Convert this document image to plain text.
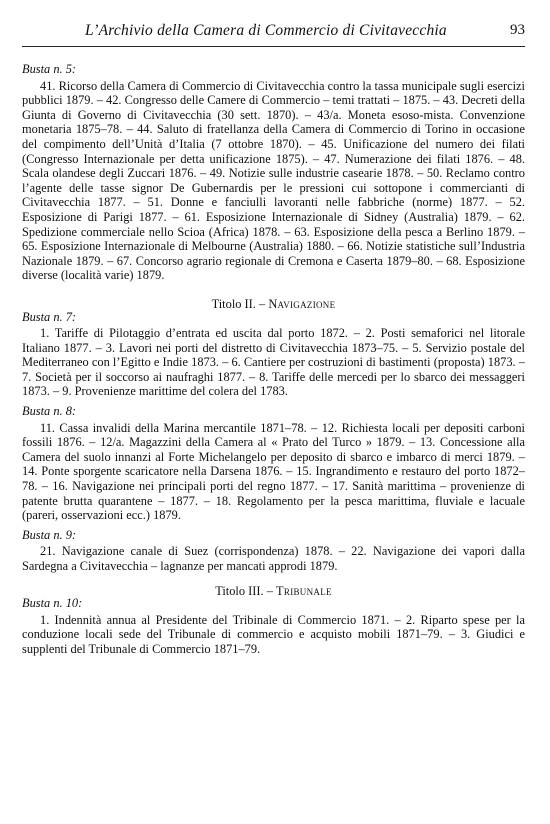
L’Archivio della Camera di Commercio di Civitavecchia	93
Busta n. 5:

41. Ricorso della Camera di Commercio di Civitavecchia contro la tassa municipale sugli esercizi pubblici 1879. – 42. Congresso delle Camere di Commercio – temi trattati – 1875. – 43. Decreti della Giunta di Governo di Civitavecchia (30 sett. 1870). – 43/a. Moneta esoso-mista. Convenzione monetaria 1875–78. – 44. Saluto di fratellanza della Camera di Commercio di Torino in occasione del compimento dell’Unità d’Italia (7 ottobre 1870). – 45. Unificazione del numero dei filati (Congresso Internazionale per detta unificazione 1875). – 47. Numerazione dei filati 1876. – 48. Scala olandese degli Zuccari 1876. – 49. Notizie sulle industrie casearie 1878. – 50. Reclamo contro l’agente delle tasse signor De Gubernardis per le pressioni cui sottopone i commercianti di Civitavecchia 1877. – 51. Donne e fanciulli lavoranti nelle fabbriche (norme) 1877. – 52. Esposizione di Parigi 1877. – 61. Esposizione Internazionale di Sidney (Australia) 1879. – 62. Spedizione commerciale nello Scioa (Africa) 1878. – 63. Esposizione della pesca a Berlino 1879. – 65. Esposizione Internazionale di Melbourne (Australia) 1880. – 66. Notizie statistiche sull’Industria Nazionale 1879. – 67. Concorso agrario regionale di Cremona e Caserta 1879–80. – 68. Esposizione diverse (località varie) 1879.

Titolo II. – Navigazione

Busta n. 7:

1. Tariffe di Pilotaggio d’entrata ed uscita dal porto 1872. – 2. Posti semaforici nel litorale Italiano 1877. – 3. Lavori nei porti del distretto di Civitavecchia 1873–75. – 5. Servizio postale del Mediterraneo con l’Egitto e Indie 1873. – 6. Cantiere per costruzioni di bastimenti (proposta) 1873. – 7. Società per il soccorso ai naufraghi 1877. – 8. Tariffe delle mercedi per lo sbarco dei messaggeri 1873. – 9. Provenienze marittime del colera del 1783.

Busta n. 8:

11. Cassa invalidi della Marina mercantile 1871–78. – 12. Richiesta locali per depositi carboni fossili 1876. – 12/a. Magazzini della Camera al « Prato del Turco » 1879. – 13. Concessione alla Camera del suolo innanzi al Forte Michelangelo per deposito di sbarco e imbarco di merci 1879. – 14. Ponte sporgente scaricatore nella Darsena 1876. – 15. Ingrandimento e restauro del porto 1872–78. – 16. Navigazione nei principali porti del regno 1877. – 17. Sanità marittima – provenienze di patente brutta quarantene – 1877. – 18. Regolamento per la pesca marittima, fluviale e lacuale (pareri, osservazioni ecc.) 1879.

Busta n. 9:

21. Navigazione canale di Suez (corrispondenza) 1878. – 22. Navigazione dei vapori dalla Sardegna a Civitavecchia – lagnanze per mancati approdi 1879.

Titolo III. – Tribunale

Busta n. 10:

1. Indennità annua al Presidente del Tribinale di Commercio 1871. – 2. Riparto spese per la conduzione locali sede del Tribunale di commercio e acquisto mobili 1871–79. – 3. Giudici e supplenti del Tribunale di Commercio 1871–79.
